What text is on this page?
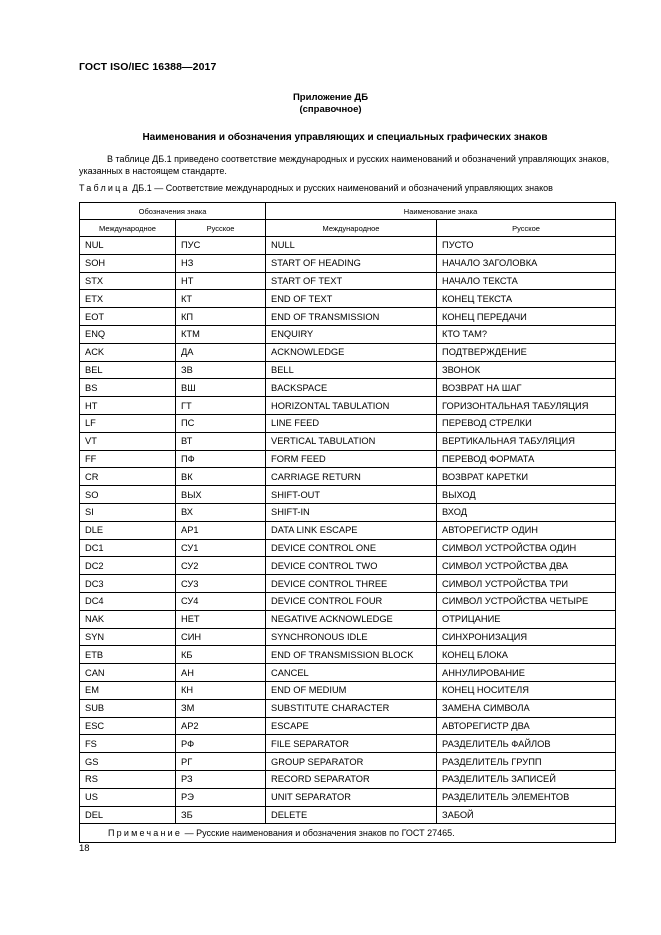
ГОСТ ISO/IEC 16388—2017
Приложение ДБ
(справочное)
Наименования и обозначения управляющих и специальных графических знаков
В таблице ДБ.1 приведено соответствие международных и русских наименований и обозначений управляющих знаков, указанных в настоящем стандарте.
Таблица ДБ.1 — Соответствие международных и русских наименований и обозначений управляющих знаков
Обозначения знака		Наименование знака	
Международное	Русское	Международное	Русское
NUL	ПУС	NULL	ПУСТО
SOH	НЗ	START OF HEADING	НАЧАЛО ЗАГОЛОВКА
STX	НТ	START OF TEXT	НАЧАЛО ТЕКСТА
ETX	КТ	END OF TEXT	КОНЕЦ ТЕКСТА
EOT	КП	END OF TRANSMISSION	КОНЕЦ ПЕРЕДАЧИ
ENQ	КТМ	ENQUIRY	КТО ТАМ?
ACK	ДА	ACKNOWLEDGE	ПОДТВЕРЖДЕНИЕ
BEL	ЗВ	BELL	ЗВОНОК
BS	ВШ	BACKSPACE	ВОЗВРАТ НА ШАГ
HT	ГТ	HORIZONTAL TABULATION	ГОРИЗОНТАЛЬНАЯ ТАБУЛЯЦИЯ
LF	ПС	LINE FEED	ПЕРЕВОД СТРЕЛКИ
VT	ВТ	VERTICAL TABULATION	ВЕРТИКАЛЬНАЯ ТАБУЛЯЦИЯ
FF	ПФ	FORM FEED	ПЕРЕВОД ФОРМАТА
CR	ВК	CARRIAGE RETURN	ВОЗВРАТ КАРЕТКИ
SO	ВЫХ	SHIFT-OUT	ВЫХОД
SI	ВХ	SHIFT-IN	ВХОД
DLE	АР1	DATA LINK ESCAPE	АВТОРЕГИСТР ОДИН
DC1	СУ1	DEVICE CONTROL ONE	СИМВОЛ УСТРОЙСТВА ОДИН
DC2	СУ2	DEVICE CONTROL TWO	СИМВОЛ УСТРОЙСТВА ДВА
DC3	СУ3	DEVICE CONTROL THREE	СИМВОЛ УСТРОЙСТВА ТРИ
DC4	СУ4	DEVICE CONTROL FOUR	СИМВОЛ УСТРОЙСТВА ЧЕТЫРЕ
NAK	НЕТ	NEGATIVE ACKNOWLEDGE	ОТРИЦАНИЕ
SYN	СИН	SYNCHRONOUS IDLE	СИНХРОНИЗАЦИЯ
ETB	КБ	END OF TRANSMISSION BLOCK	КОНЕЦ БЛОКА
CAN	АН	CANCEL	АННУЛИРОВАНИЕ
EM	КН	END OF MEDIUM	КОНЕЦ НОСИТЕЛЯ
SUB	ЗМ	SUBSTITUTE CHARACTER	ЗАМЕНА СИМВОЛА
ESC	АР2	ESCAPE	АВТОРЕГИСТР ДВА
FS	РФ	FILE SEPARATOR	РАЗДЕЛИТЕЛЬ ФАЙЛОВ
GS	РГ	GROUP SEPARATOR	РАЗДЕЛИТЕЛЬ ГРУПП
RS	РЗ	RECORD SEPARATOR	РАЗДЕЛИТЕЛЬ ЗАПИСЕЙ
US	РЭ	UNIT SEPARATOR	РАЗДЕЛИТЕЛЬ ЭЛЕМЕНТОВ
DEL	ЗБ	DELETE	ЗАБОЙ
Примечание — Русские наименования и обозначения знаков по ГОСТ 27465.			
18
